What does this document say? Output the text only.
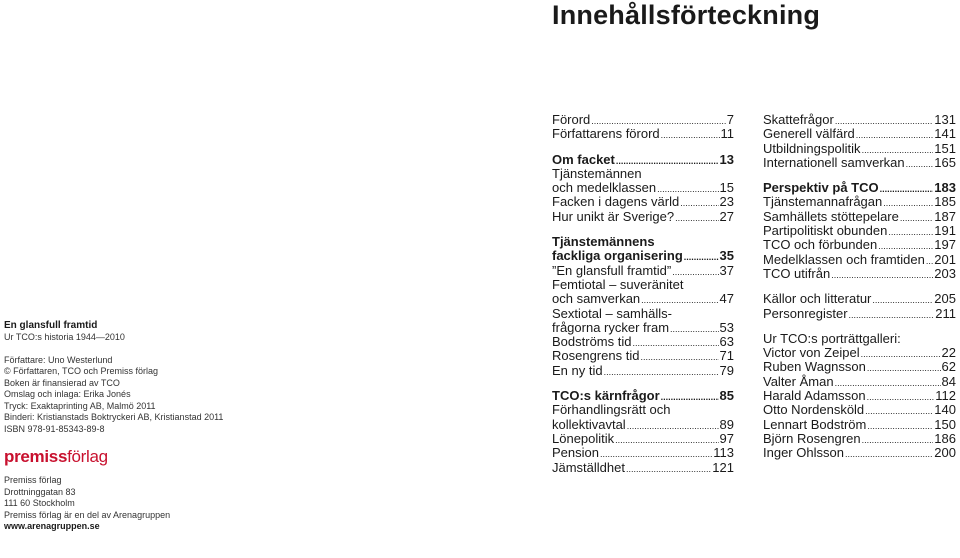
Innehållsförteckning
En glansfull framtid
Ur TCO:s historia 1944—2010
Författare: Uno Westerlund
© Författaren, TCO och Premiss förlag
Boken är finansierad av TCO
Omslag och inlaga: Erika Jonés
Tryck: Exaktaprinting AB, Malmö 2011
Binderi: Kristianstads Boktryckeri AB, Kristianstad 2011
ISBN 978-91-85343-89-8
premissförlag
Premiss förlag
Drottninggatan 83
111 60 Stockholm
Premiss förlag är en del av Arenagruppen
www.arenagruppen.se
Förord .....	7
Författarens förord .....	11
Om facket .....	13
Tjänstemännen
och medelklassen .....	15
Facken i dagens värld .....	23
Hur unikt är Sverige? .....	27
Tjänstemännens
fackliga organisering .....	35
”En glansfull framtid” .....	37
Femtiotal – suveränitet
och samverkan .....	47
Sextiotal – samhälls-
frågorna rycker fram .....	53
Bodströms tid .....	63
Rosengrens tid .....	71
En ny tid .....	79
TCO:s kärnfrågor .....	85
Förhandlingsrätt och
kollektivavtal .....	89
Lönepolitik .....	97
Pension .....	113
Jämställdhet .....	121
Skattefrågor .....	131
Generell välfärd .....	141
Utbildningspolitik .....	151
Internationell samverkan ..... 165
Perspektiv på TCO .....	183
Tjänstemannafrågan .....	185
Samhällets stöttepelare .....	187
Partipolitiskt obunden .....	191
TCO och förbunden .....	197
Medelklassen och framtiden ..... 201
TCO utifrån .....	203
Källor och litteratur .....	205
Personregister .....	211
Ur TCO:s porträttgalleri:
Victor von Zeipel .....	22
Ruben Wagnsson .....	62
Valter Åman .....	84
Harald Adamsson .....	112
Otto Nordensköld .....	140
Lennart Bodström .....	150
Björn Rosengren .....	186
Inger Ohlsson .....	200
